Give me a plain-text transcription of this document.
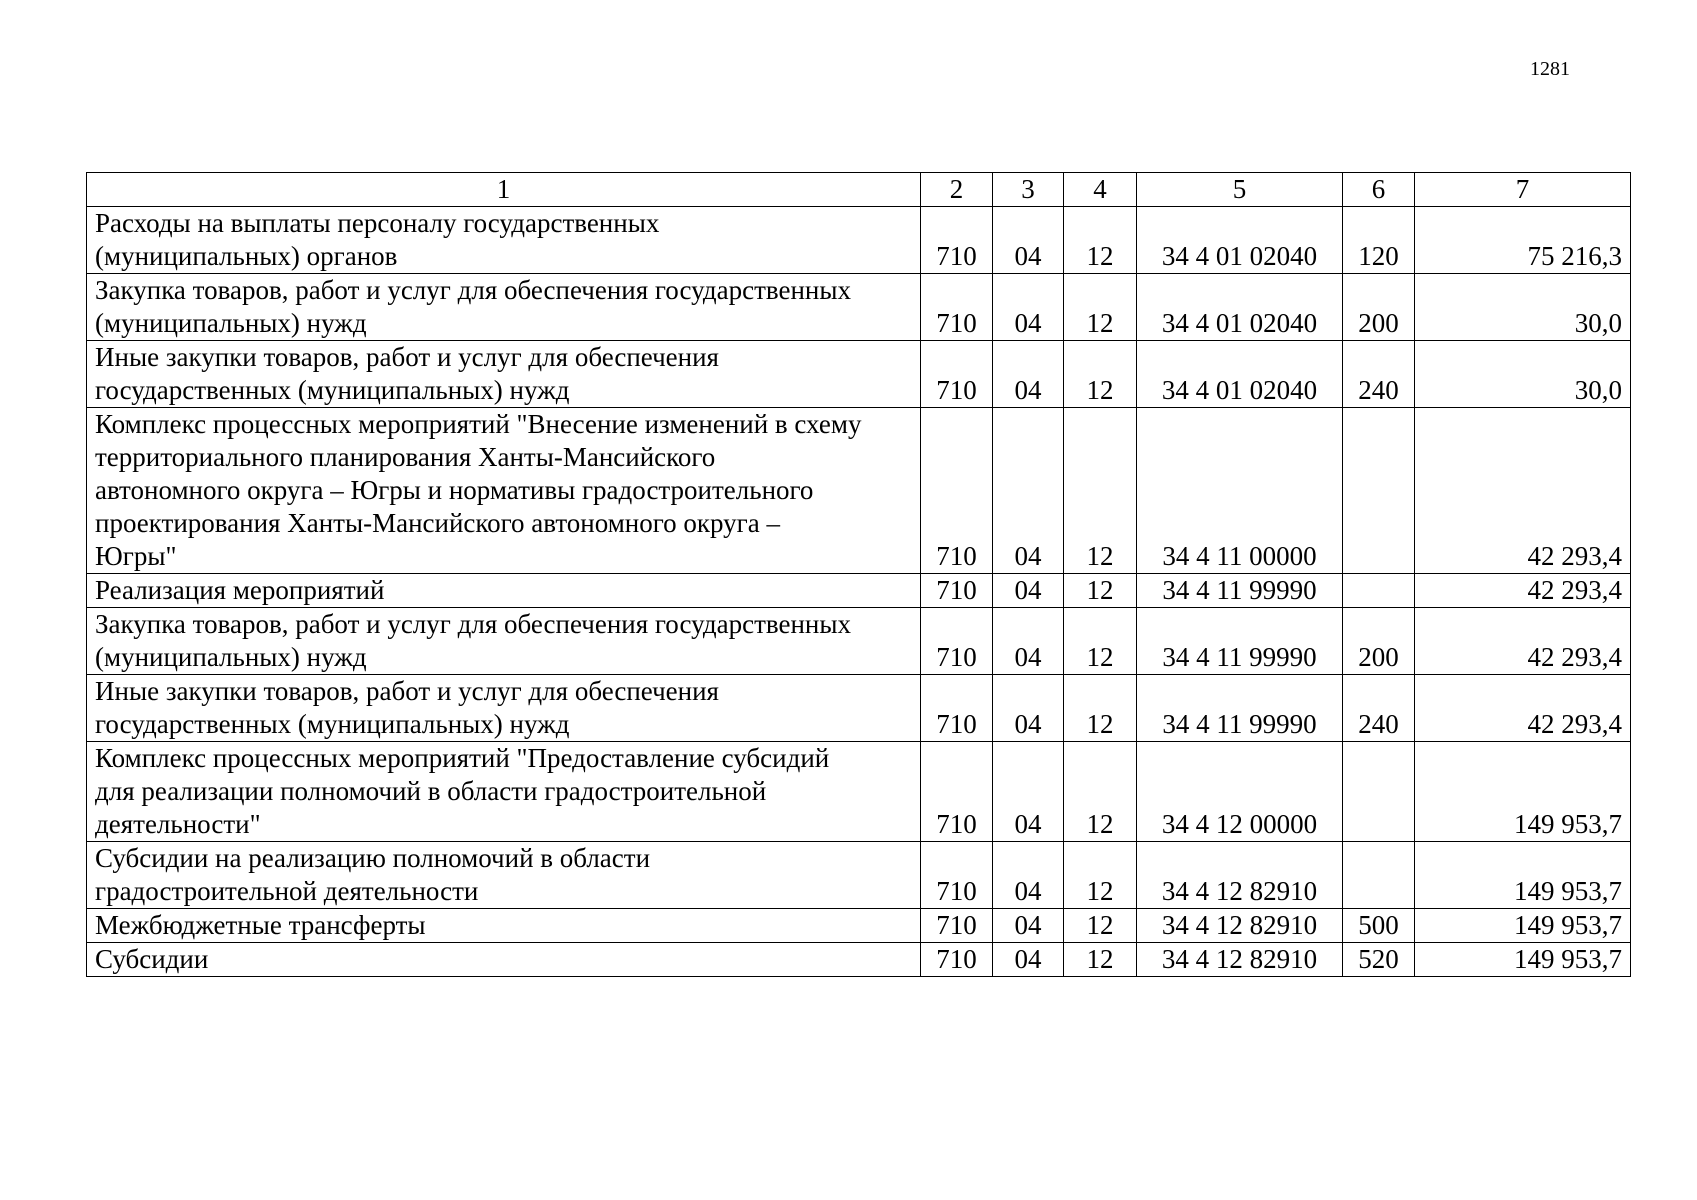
1281
1	2	3	4	5	6	7

Расходы на выплаты персоналу государственных
(муниципальных) органов	710	04	12	34 4 01 02040	120	75 216,3

Закупка товаров, работ и услуг для обеспечения государственных
(муниципальных) нужд	710	04	12	34 4 01 02040	200	30,0

Иные закупки товаров, работ и услуг для обеспечения
государственных (муниципальных) нужд	710	04	12	34 4 01 02040	240	30,0

Комплекс процессных мероприятий "Внесение изменений в схему
территориального планирования Ханты-Мансийского
автономного округа – Югры и нормативы градостроительного
проектирования Ханты-Мансийского автономного округа –
Югры"	710	04	12	34 4 11 00000		42 293,4

Реализация мероприятий	710	04	12	34 4 11 99990		42 293,4

Закупка товаров, работ и услуг для обеспечения государственных
(муниципальных) нужд	710	04	12	34 4 11 99990	200	42 293,4

Иные закупки товаров, работ и услуг для обеспечения
государственных (муниципальных) нужд	710	04	12	34 4 11 99990	240	42 293,4

Комплекс процессных мероприятий "Предоставление субсидий
для реализации полномочий в области градостроительной
деятельности"	710	04	12	34 4 12 00000		149 953,7

Субсидии на реализацию полномочий в области
градостроительной деятельности	710	04	12	34 4 12 82910		149 953,7

Межбюджетные трансферты	710	04	12	34 4 12 82910	500	149 953,7

Субсидии	710	04	12	34 4 12 82910	520	149 953,7
